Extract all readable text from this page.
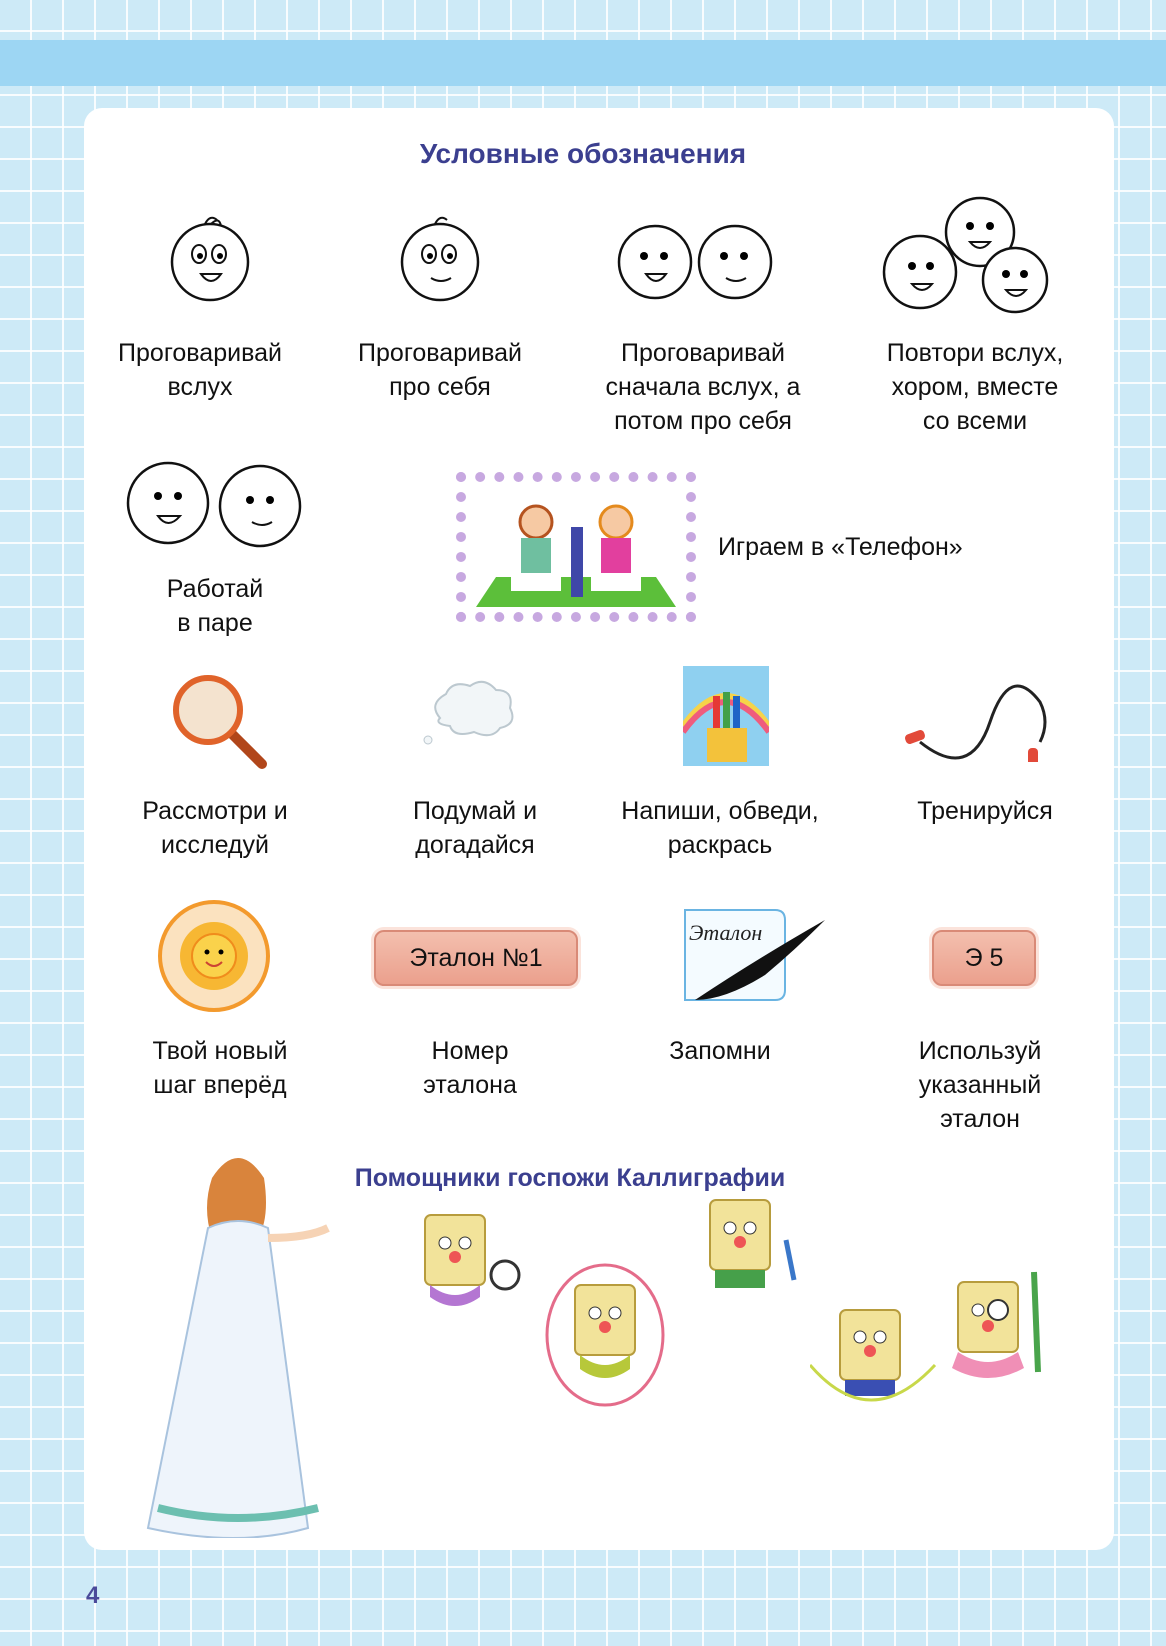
Условные обозначения
Проговаривай
вслух
Проговаривай
про себя
Проговаривай
сначала вслух, а
потом про себя
Повтори вслух,
хором, вместе
со всеми
Работай
в паре
Играем в «Телефон»
Рассмотри и
исследуй
Подумай и
догадайся
Напиши, обведи,
раскрась
Тренируйся
Эталон №1
Эталон
Э 5
Твой новый
шаг вперёд
Номер
эталона
Запомни	Используй
указанный
эталон
Помощники госпожи Каллиграфии
4
